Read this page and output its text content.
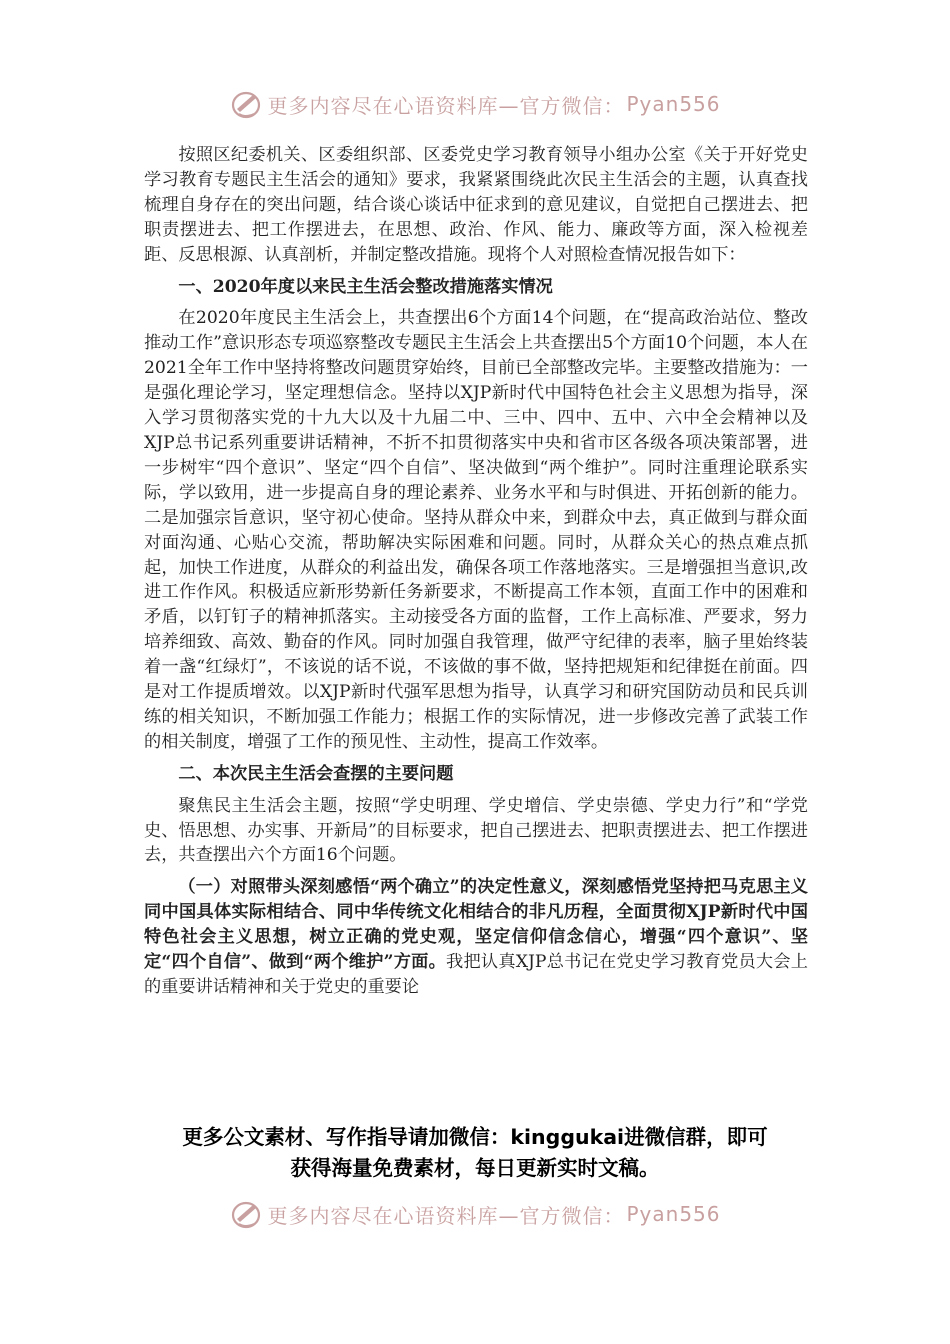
更多内容尽在心语资料库—官方微信： Pyan556

按照区纪委机关、区委组织部、区委党史学习教育领导小组办公室《关于开好党史学习教育专题民主生活会的通知》要求，我紧紧围绕此次民主生活会的主题，认真查找梳理自身存在的突出问题，结合谈心谈话中征求到的意见建议，自觉把自己摆进去、把职责摆进去、把工作摆进去，在思想、政治、作风、能力、廉政等方面，深入检视差距、反思根源、认真剖析，并制定整改措施。现将个人对照检查情况报告如下：

一、2020年度以来民主生活会整改措施落实情况

在2020年度民主生活会上，共查摆出6个方面14个问题，在“提高政治站位、整改推动工作”意识形态专项巡察整改专题民主生活会上共查摆出5个方面10个问题，本人在2021全年工作中坚持将整改问题贯穿始终，目前已全部整改完毕。主要整改措施为：一是强化理论学习，坚定理想信念。坚持以XJP新时代中国特色社会主义思想为指导，深入学习贯彻落实党的十九大以及十九届二中、三中、四中、五中、六中全会精神以及XJP总书记系列重要讲话精神，不折不扣贯彻落实中央和省市区各级各项决策部署，进一步树牢“四个意识”、坚定“四个自信”、坚决做到“两个维护”。同时注重理论联系实际，学以致用，进一步提高自身的理论素养、业务水平和与时俱进、开拓创新的能力。二是加强宗旨意识，坚守初心使命。坚持从群众中来，到群众中去，真正做到与群众面对面沟通、心贴心交流，帮助解决实际困难和问题。同时，从群众关心的热点难点抓起，加快工作进度，从群众的利益出发，确保各项工作落地落实。三是增强担当意识,改进工作作风。积极适应新形势新任务新要求，不断提高工作本领，直面工作中的困难和矛盾，以钉钉子的精神抓落实。主动接受各方面的监督，工作上高标准、严要求，努力培养细致、高效、勤奋的作风。同时加强自我管理，做严守纪律的表率，脑子里始终装着一盏“红绿灯”，不该说的话不说，不该做的事不做，坚持把规矩和纪律挺在前面。四是对工作提质增效。以XJP新时代强军思想为指导，认真学习和研究国防动员和民兵训练的相关知识，不断加强工作能力；根据工作的实际情况，进一步修改完善了武装工作的相关制度，增强了工作的预见性、主动性，提高工作效率。

二、本次民主生活会查摆的主要问题

聚焦民主生活会主题，按照“学史明理、学史增信、学史崇德、学史力行”和“学党史、悟思想、办实事、开新局”的目标要求，把自己摆进去、把职责摆进去、把工作摆进去，共查摆出六个方面16个问题。

（一）对照带头深刻感悟“两个确立”的决定性意义，深刻感悟党坚持把马克思主义同中国具体实际相结合、同中华传统文化相结合的非凡历程，全面贯彻XJP新时代中国特色社会主义思想，树立正确的党史观，坚定信仰信念信心，增强“四个意识”、坚定“四个自信”、做到“两个维护”方面。我把认真XJP总书记在党史学习教育党员大会上的重要讲话精神和关于党史的重要论

更多公文素材、写作指导请加微信：kinggukai进微信群，即可
获得海量免费素材，每日更新实时文稿。
更多内容尽在心语资料库—官方微信： Pyan556
